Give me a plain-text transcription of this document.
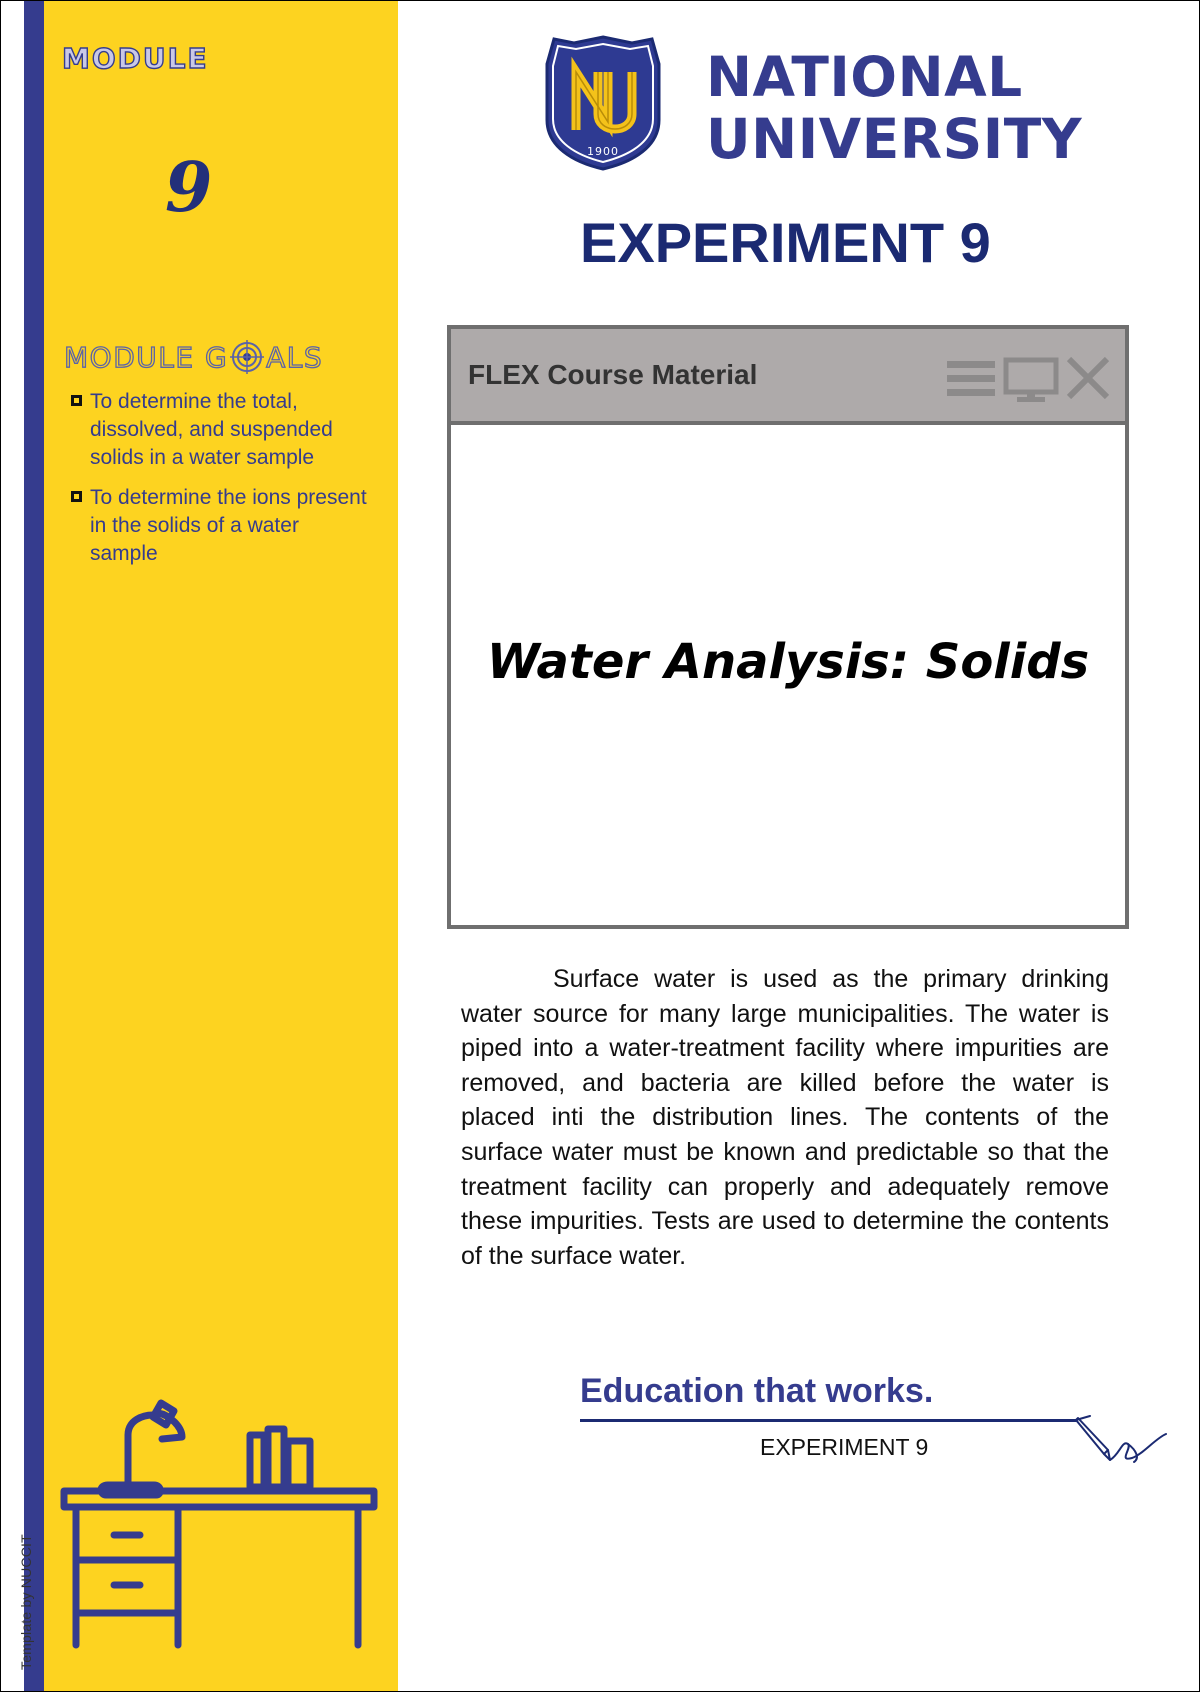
Template by NUCCIT
MODULE
9
MODULE G ALS
To determine the total, dissolved, and suspended solids in a water sample
To determine the ions present in the solids of a water sample
1900
NATIONAL
UNIVERSITY
EXPERIMENT 9
FLEX Course Material
Water Analysis: Solids

Surface water is used as the primary drinking water source for many large municipalities. The water is piped into a water-treatment facility where impurities are removed, and bacteria are killed before the water is placed inti the distribution lines. The contents of the surface water must be known and predictable so that the treatment facility can properly and adequately remove these impurities. Tests are used to determine the contents of the surface water.

Education that works.
EXPERIMENT 9
